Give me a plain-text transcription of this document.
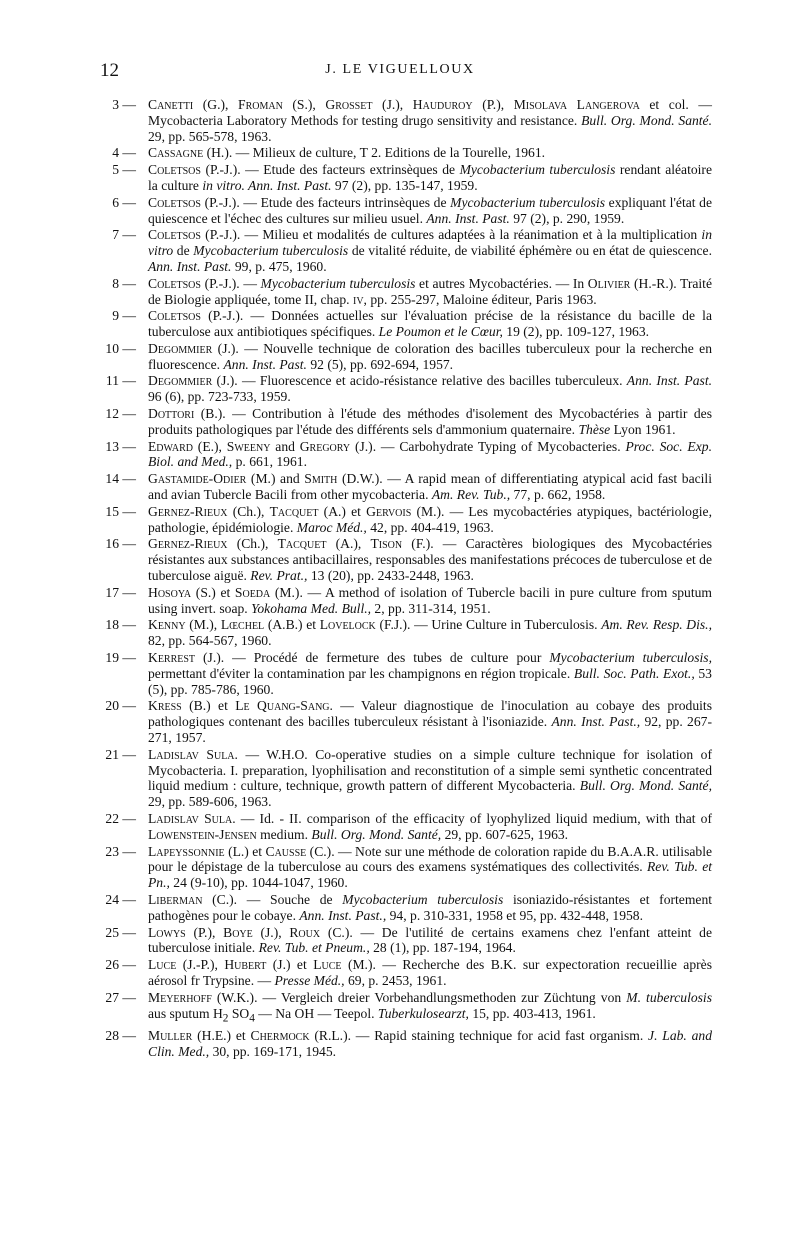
12	J. LE VIGUELLOUX
3 — Canetti (G.), Froman (S.), Grosset (J.), Hauduroy (P.), Misolava Langerova et col. — Mycobacteria Laboratory Methods for testing drugo sensitivity and resistance. Bull. Org. Mond. Santé. 29, pp. 565-578, 1963.
4 — Cassagne (H.). — Milieux de culture, T 2. Editions de la Tourelle, 1961.
5 — Coletsos (P.-J.). — Etude des facteurs extrinsèques de Mycobacterium tuberculosis rendant aléatoire la culture in vitro. Ann. Inst. Past. 97 (2), pp. 135-147, 1959.
6 — Coletsos (P.-J.). — Etude des facteurs intrinsèques de Mycobacterium tuberculosis expliquant l'état de quiescence et l'échec des cultures sur milieu usuel. Ann. Inst. Past. 97 (2), p. 290, 1959.
7 — Coletsos (P.-J.). — Milieu et modalités de cultures adaptées à la réanimation et à la multiplication in vitro de Mycobacterium tuberculosis de vitalité réduite, de viabilité éphémère ou en état de quiescence. Ann. Inst. Past. 99, p. 475, 1960.
8 — Coletsos (P.-J.). — Mycobacterium tuberculosis et autres Mycobactéries. — In Olivier (H.-R.). Traité de Biologie appliquée, tome II, chap. iv, pp. 255-297, Maloine éditeur, Paris 1963.
9 — Coletsos (P.-J.). — Données actuelles sur l'évaluation précise de la résistance du bacille de la tuberculose aux antibiotiques spécifiques. Le Poumon et le Cœur, 19 (2), pp. 109-127, 1963.
10 — Degommier (J.). — Nouvelle technique de coloration des bacilles tuberculeux pour la recherche en fluorescence. Ann. Inst. Past. 92 (5), pp. 692-694, 1957.
11 — Degommier (J.). — Fluorescence et acido-résistance relative des bacilles tuberculeux. Ann. Inst. Past. 96 (6), pp. 723-733, 1959.
12 — Dottori (B.). — Contribution à l'étude des méthodes d'isolement des Mycobactéries à partir des produits pathologiques par l'étude des différents sels d'ammonium quaternaire. Thèse Lyon 1961.
13 — Edward (E.), Sweeny and Gregory (J.). — Carbohydrate Typing of Mycobacteries. Proc. Soc. Exp. Biol. and Med., p. 661, 1961.
14 — Gastamide-Odier (M.) and Smith (D.W.). — A rapid mean of differentiating atypical acid fast bacili and avian Tubercle Bacili from other mycobacteria. Am. Rev. Tub., 77, p. 662, 1958.
15 — Gernez-Rieux (Ch.), Tacquet (A.) et Gervois (M.). — Les mycobactéries atypiques, bactériologie, pathologie, épidémiologie. Maroc Méd., 42, pp. 404-419, 1963.
16 — Gernez-Rieux (Ch.), Tacquet (A.), Tison (F.). — Caractères biologiques des Mycobactéries résistantes aux substances antibacillaires, responsables des manifestations précoces de tuberculose et de tuberculose aiguë. Rev. Prat., 13 (20), pp. 2433-2448, 1963.
17 — Hosoya (S.) et Soeda (M.). — A method of isolation of Tubercle bacili in pure culture from sputum using invert. soap. Yokohama Med. Bull., 2, pp. 311-314, 1951.
18 — Kenny (M.), Lœchel (A.B.) et Lovelock (F.J.). — Urine Culture in Tuberculosis. Am. Rev. Resp. Dis., 82, pp. 564-567, 1960.
19 — Kerrest (J.). — Procédé de fermeture des tubes de culture pour Mycobacterium tuberculosis, permettant d'éviter la contamination par les champignons en région tropicale. Bull. Soc. Path. Exot., 53 (5), pp. 785-786, 1960.
20 — Kress (B.) et Le Quang-Sang. — Valeur diagnostique de l'inoculation au cobaye des produits pathologiques contenant des bacilles tuberculeux résistant à l'isoniazide. Ann. Inst. Past., 92, pp. 267-271, 1957.
21 — Ladislav Sula. — W.H.O. Co-operative studies on a simple culture technique for isolation of Mycobacteria. I. preparation, lyophilisation and reconstitution of a simple semi synthetic concentrated liquid medium : culture, technique, growth pattern of different Mycobacteria. Bull. Org. Mond. Santé, 29, pp. 589-606, 1963.
22 — Ladislav Sula. — Id. - II. comparison of the efficacity of lyophylized liquid medium, with that of Lowenstein-Jensen medium. Bull. Org. Mond. Santé, 29, pp. 607-625, 1963.
23 — Lapeyssonnie (L.) et Causse (C.). — Note sur une méthode de coloration rapide du B.A.A.R. utilisable pour le dépistage de la tuberculose au cours des examens systématiques des collectivités. Rev. Tub. et Pn., 24 (9-10), pp. 1044-1047, 1960.
24 — Liberman (C.). — Souche de Mycobacterium tuberculosis isoniazido-résistantes et fortement pathogènes pour le cobaye. Ann. Inst. Past., 94, p. 310-331, 1958 et 95, pp. 432-448, 1958.
25 — Lowys (P.), Boye (J.), Roux (C.). — De l'utilité de certains examens chez l'enfant atteint de tuberculose initiale. Rev. Tub. et Pneum., 28 (1), pp. 187-194, 1964.
26 — Luce (J.-P.), Hubert (J.) et Luce (M.). — Recherche des B.K. sur expectoration recueillie après aérosol fr Trypsine. — Presse Méd., 69, p. 2453, 1961.
27 — Meyerhoff (W.K.). — Vergleich dreier Vorbehandlungsmethoden zur Züchtung von M. tuberculosis aus sputum $H_2$ $SO_4$ — Na OH — Teepol. Tuberkulosearzt, 15, pp. 403-413, 1961.
28 — Muller (H.E.) et Chermock (R.L.). — Rapid staining technique for acid fast organism. J. Lab. and Clin. Med., 30, pp. 169-171, 1945.
